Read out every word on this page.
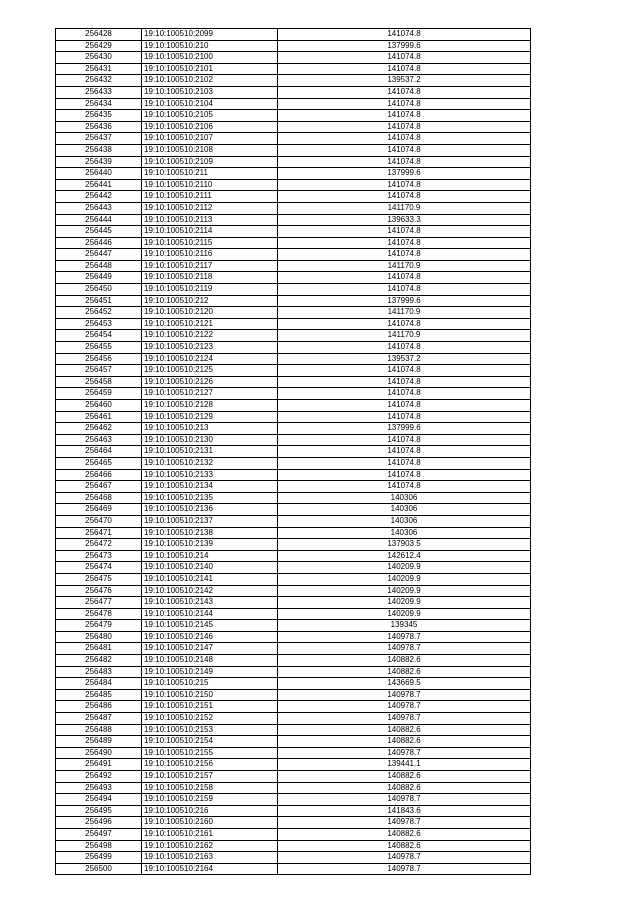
256428	19:10:100510:2099	141074.8
256429	19:10:100510:210	137999.6
256430	19:10:100510:2100	141074.8
256431	19:10:100510:2101	141074.8
256432	19:10:100510:2102	139537.2
256433	19:10:100510:2103	141074.8
256434	19:10:100510:2104	141074.8
256435	19:10:100510:2105	141074.8
256436	19:10:100510:2106	141074.8
256437	19:10:100510:2107	141074.8
256438	19:10:100510:2108	141074.8
256439	19:10:100510:2109	141074.8
256440	19:10:100510:211	137999.6
256441	19:10:100510:2110	141074.8
256442	19:10:100510:2111	141074.8
256443	19:10:100510:2112	141170.9
256444	19:10:100510:2113	139633.3
256445	19:10:100510:2114	141074.8
256446	19:10:100510:2115	141074.8
256447	19:10:100510:2116	141074.8
256448	19:10:100510:2117	141170.9
256449	19:10:100510:2118	141074.8
256450	19:10:100510:2119	141074.8
256451	19:10:100510:212	137999.6
256452	19:10:100510:2120	141170.9
256453	19:10:100510:2121	141074.8
256454	19:10:100510:2122	141170.9
256455	19:10:100510:2123	141074.8
256456	19:10:100510:2124	139537.2
256457	19:10:100510:2125	141074.8
256458	19:10:100510:2126	141074.8
256459	19:10:100510:2127	141074.8
256460	19:10:100510:2128	141074.8
256461	19:10:100510:2129	141074.8
256462	19:10:100510:213	137999.6
256463	19:10:100510:2130	141074.8
256464	19:10:100510:2131	141074.8
256465	19:10:100510:2132	141074.8
256466	19:10:100510:2133	141074.8
256467	19:10:100510:2134	141074.8
256468	19:10:100510:2135	140306
256469	19:10:100510:2136	140306
256470	19:10:100510:2137	140306
256471	19:10:100510:2138	140306
256472	19:10:100510:2139	137903.5
256473	19:10:100510:214	142612.4
256474	19:10:100510:2140	140209.9
256475	19:10:100510:2141	140209.9
256476	19:10:100510:2142	140209.9
256477	19:10:100510:2143	140209.9
256478	19:10:100510:2144	140209.9
256479	19:10:100510:2145	139345
256480	19:10:100510:2146	140978.7
256481	19:10:100510:2147	140978.7
256482	19:10:100510:2148	140882.6
256483	19:10:100510:2149	140882.6
256484	19:10:100510:215	143669.5
256485	19:10:100510:2150	140978.7
256486	19:10:100510:2151	140978.7
256487	19:10:100510:2152	140978.7
256488	19:10:100510:2153	140882.6
256489	19:10:100510:2154	140882.6
256490	19:10:100510:2155	140978.7
256491	19:10:100510:2156	139441.1
256492	19:10:100510:2157	140882.6
256493	19:10:100510:2158	140882.6
256494	19:10:100510:2159	140978.7
256495	19:10:100510:216	141843.6
256496	19:10:100510:2160	140978.7
256497	19:10:100510:2161	140882.6
256498	19:10:100510:2162	140882.6
256499	19:10:100510:2163	140978.7
256500	19:10:100510:2164	140978.7
